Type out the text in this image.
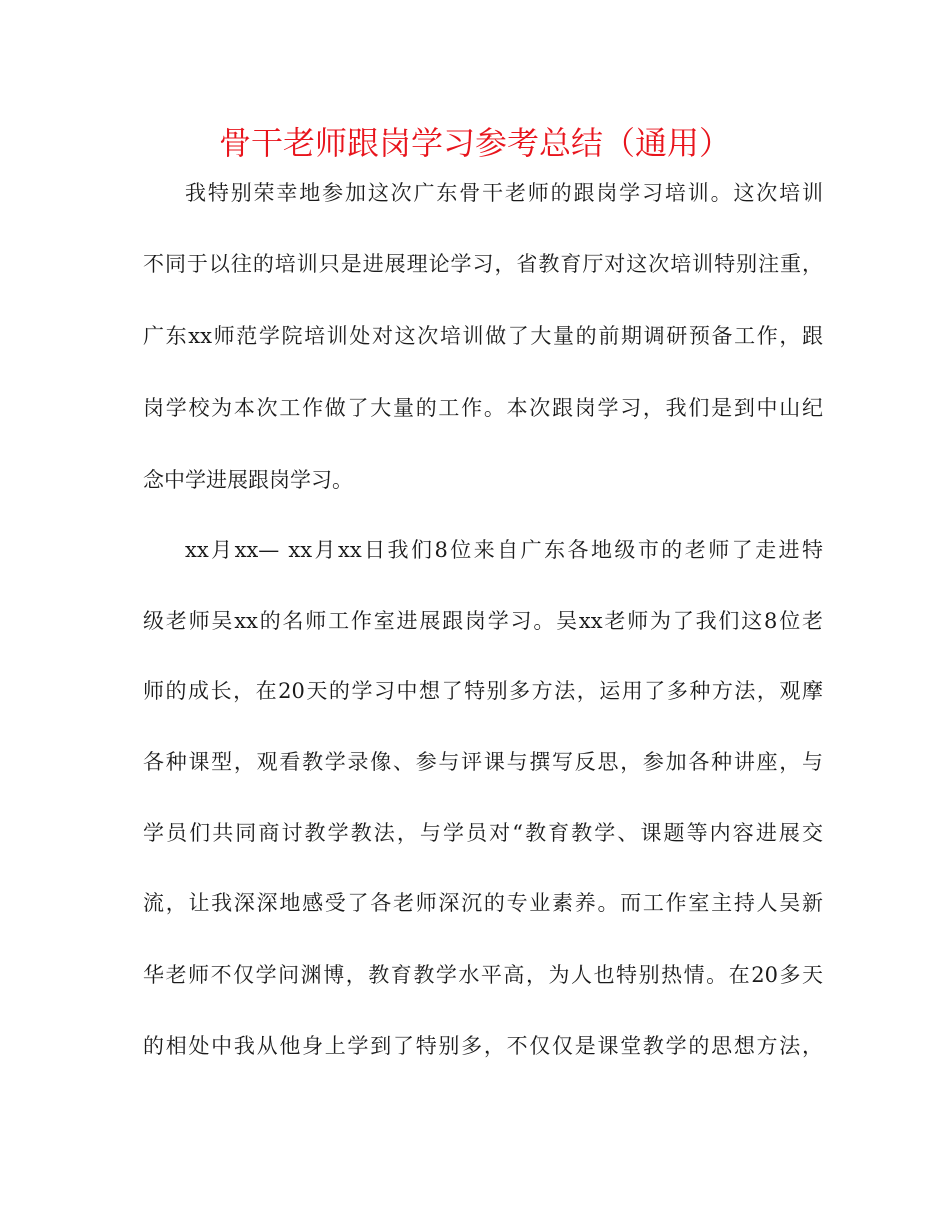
骨干老师跟岗学习参考总结（通用）
我特别荣幸地参加这次广东骨干老师的跟岗学习培训。这次培训
不同于以往的培训只是进展理论学习，省教育厅对这次培训特别注重，
广东xx师范学院培训处对这次培训做了大量的前期调研预备工作，跟
岗学校为本次工作做了大量的工作。本次跟岗学习，我们是到中山纪
念中学进展跟岗学习。
xx月xx— xx月xx日我们8位来自广东各地级市的老师了走进特
级老师吴xx的名师工作室进展跟岗学习。吴xx老师为了我们这8位老
师的成长，在20天的学习中想了特别多方法，运用了多种方法，观摩
各种课型，观看教学录像、参与评课与撰写反思，参加各种讲座，与
学员们共同商讨教学教法，与学员对“教育教学、课题等内容进展交
流，让我深深地感受了各老师深沉的专业素养。而工作室主持人吴新
华老师不仅学问渊博，教育教学水平高，为人也特别热情。在20多天
的相处中我从他身上学到了特别多，不仅仅是课堂教学的思想方法，
